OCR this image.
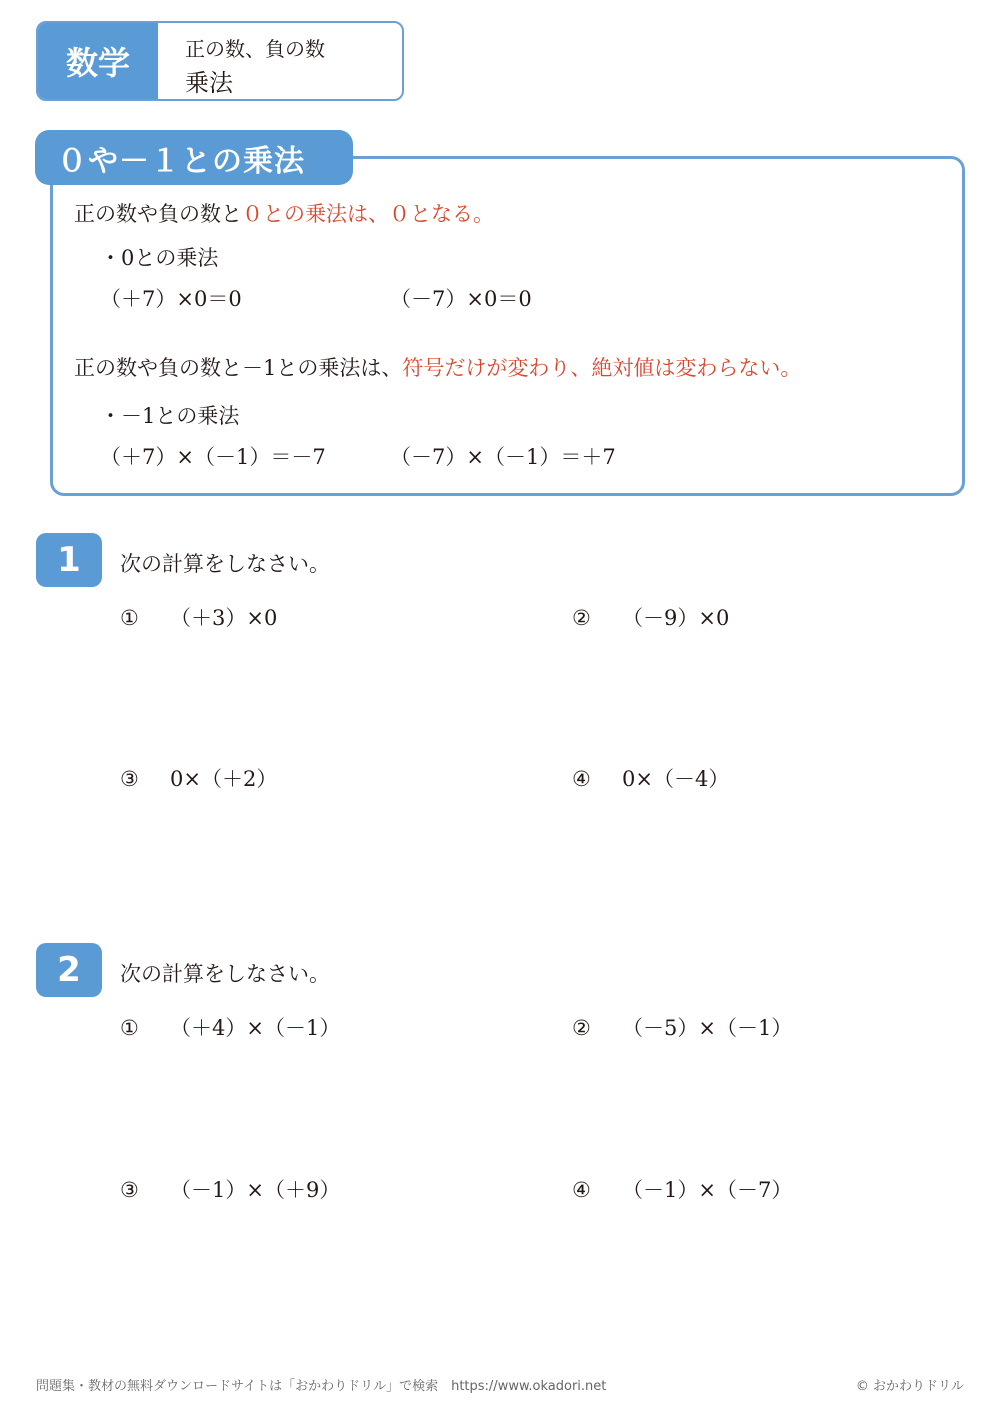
数学	正の数、負の数
乗法
０や－１との乗法
正の数や負の数と０との乗法は、０となる。
・0との乗法
（＋7）×0＝0	（－7）×0＝0
正の数や負の数と－1との乗法は、符号だけが変わり、絶対値は変わらない。
・－1との乗法
（＋7）×（－1）＝－7	（－7）×（－1）＝＋7
1	次の計算をしなさい。
① （＋3）×0	② （－9）×0
③ 0×（＋2）	④ 0×（－4）
2	次の計算をしなさい。
① （＋4）×（－1）	② （－5）×（－1）
③ （－1）×（＋9）	④ （－1）×（－7）
問題集・教材の無料ダウンロードサイトは「おかわりドリル」で検索　https://www.okadori.net	© おかわりドリル
